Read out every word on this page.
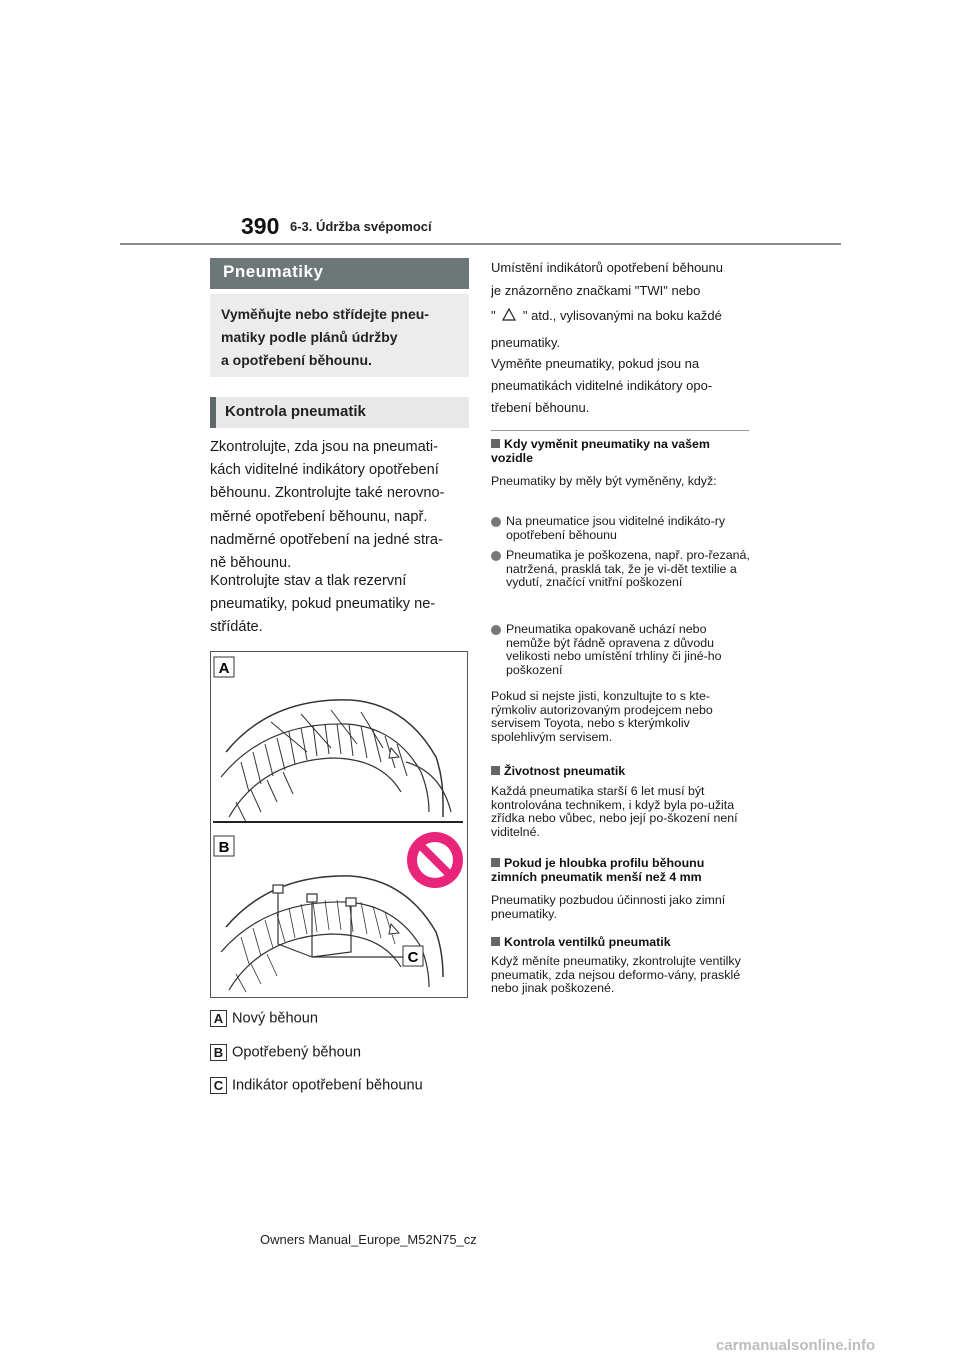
390 6-3. Údržba svépomocí
Pneumatiky
Vyměňujte nebo střídejte pneu-
matiky podle plánů údržby
a opotřebení běhounu.
Kontrola pneumatik
Zkontrolujte, zda jsou na pneumati-
kách viditelné indikátory opotřebení
běhounu. Zkontrolujte také nerovno-
měrné opotřebení běhounu, např.
nadměrné opotřebení na jedné stra-
ně běhounu.
Kontrolujte stav a tlak rezervní
pneumatiky, pokud pneumatiky ne-
střídáte.
A
B
C
A Nový běhoun
B Opotřebený běhoun
C Indikátor opotřebení běhounu
Umístění indikátorů opotřebení běhounu
je znázorněno značkami "TWI" nebo
" " atd., vylisovanými na boku každé
pneumatiky.
Vyměňte pneumatiky, pokud jsou na
pneumatikách viditelné indikátory opo-
třebení běhounu.
Kdy vyměnit pneumatiky na vašem vozidle
Pneumatiky by měly být vyměněny, když:
Na pneumatice jsou viditelné indikáto-ry opotřebení běhounu
Pneumatika je poškozena, např. pro-řezaná, natržená, prasklá tak, že je vi-dět textilie a vydutí, značící vnitřní poškození
Pneumatika opakovaně uchází nebo nemůže být řádně opravena z důvodu velikosti nebo umístění trhliny či jiné-ho poškození
Pokud si nejste jisti, konzultujte to s kte-rýmkoliv autorizovaným prodejcem nebo servisem Toyota, nebo s kterýmkoliv spolehlivým servisem.
Životnost pneumatik
Každá pneumatika starší 6 let musí být kontrolována technikem, i když byla po-užita zřídka nebo vůbec, nebo její po-škození není viditelné.
Pokud je hloubka profilu běhounu zimních pneumatik menší než 4 mm
Pneumatiky pozbudou účinnosti jako zimní pneumatiky.
Kontrola ventilků pneumatik
Když měníte pneumatiky, zkontrolujte ventilky pneumatik, zda nejsou deformo-vány, prasklé nebo jinak poškozené.
Owners Manual_Europe_M52N75_cz
carmanualsonline.info
